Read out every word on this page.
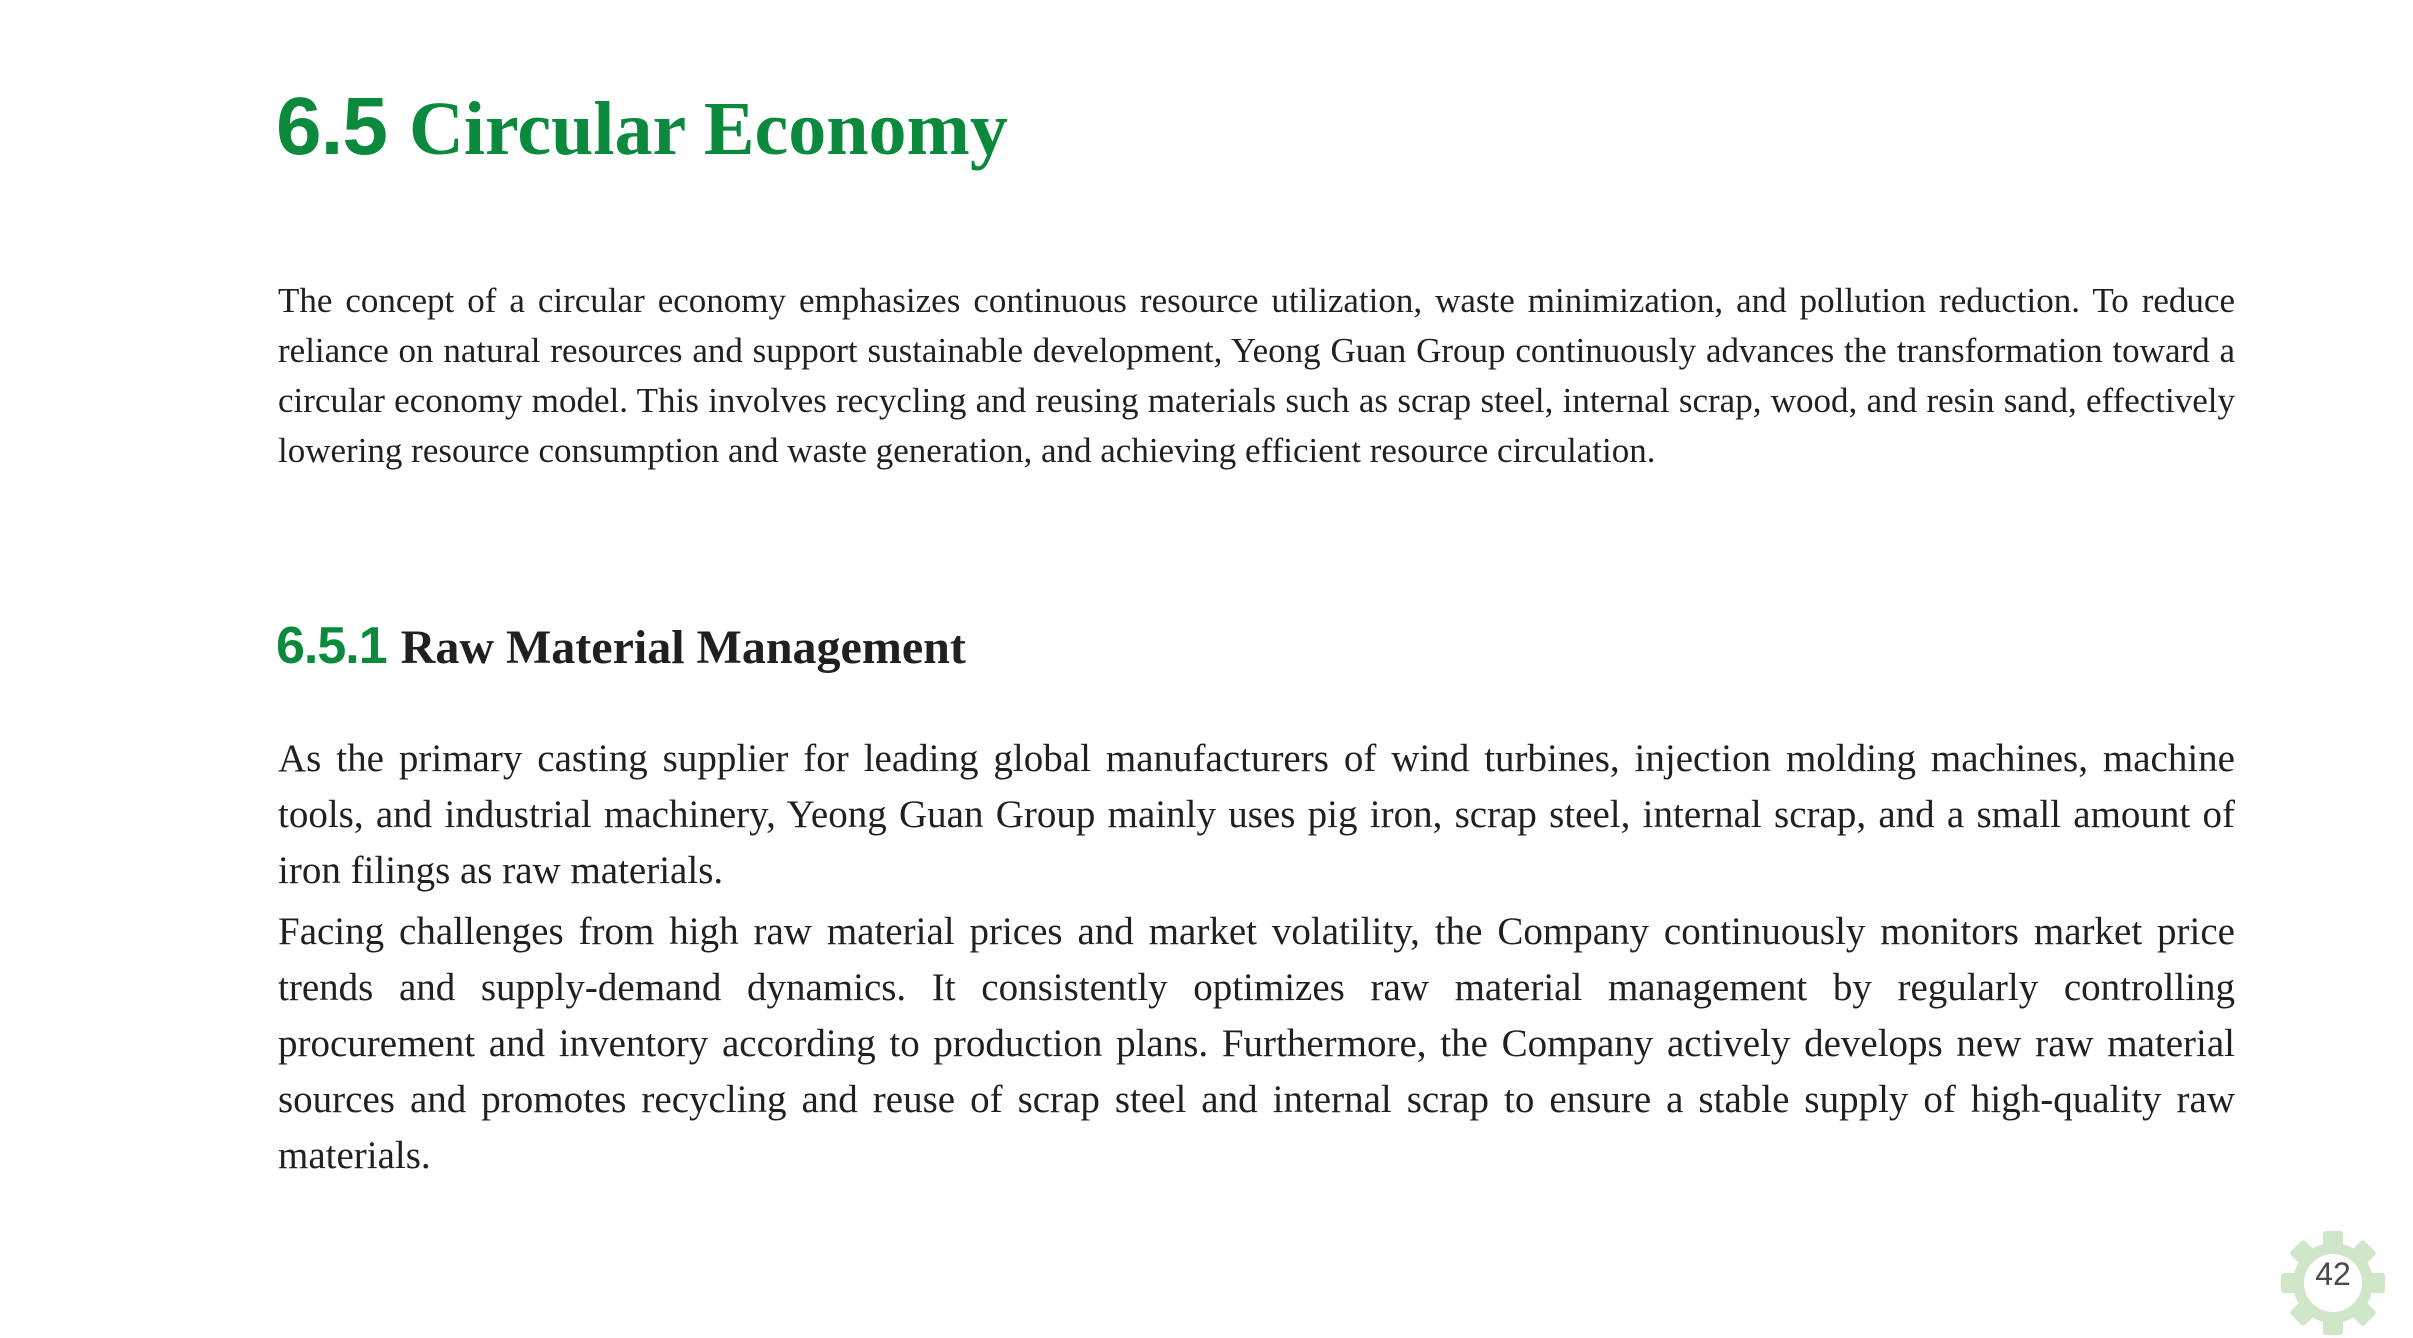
6.5 Circular Economy

The concept of a circular economy emphasizes continuous resource utilization, waste minimization, and pollution reduction. To reduce reliance on natural resources and support sustainable development, Yeong Guan Group continuously advances the transformation toward a circular economy model. This involves recycling and reusing materials such as scrap steel, internal scrap, wood, and resin sand, effectively lowering resource consumption and waste generation, and achieving efficient resource circulation.

6.5.1 Raw Material Management

As the primary casting supplier for leading global manufacturers of wind turbines, injection molding machines, machine tools, and industrial machinery, Yeong Guan Group mainly uses pig iron, scrap steel, internal scrap, and a small amount of iron filings as raw materials.

Facing challenges from high raw material prices and market volatility, the Company continuously monitors market price trends and supply-demand dynamics. It consistently optimizes raw material management by regularly controlling procurement and inventory according to production plans. Furthermore, the Company actively develops new raw material sources and promotes recycling and reuse of scrap steel and internal scrap to ensure a stable supply of high-quality raw materials.

42
